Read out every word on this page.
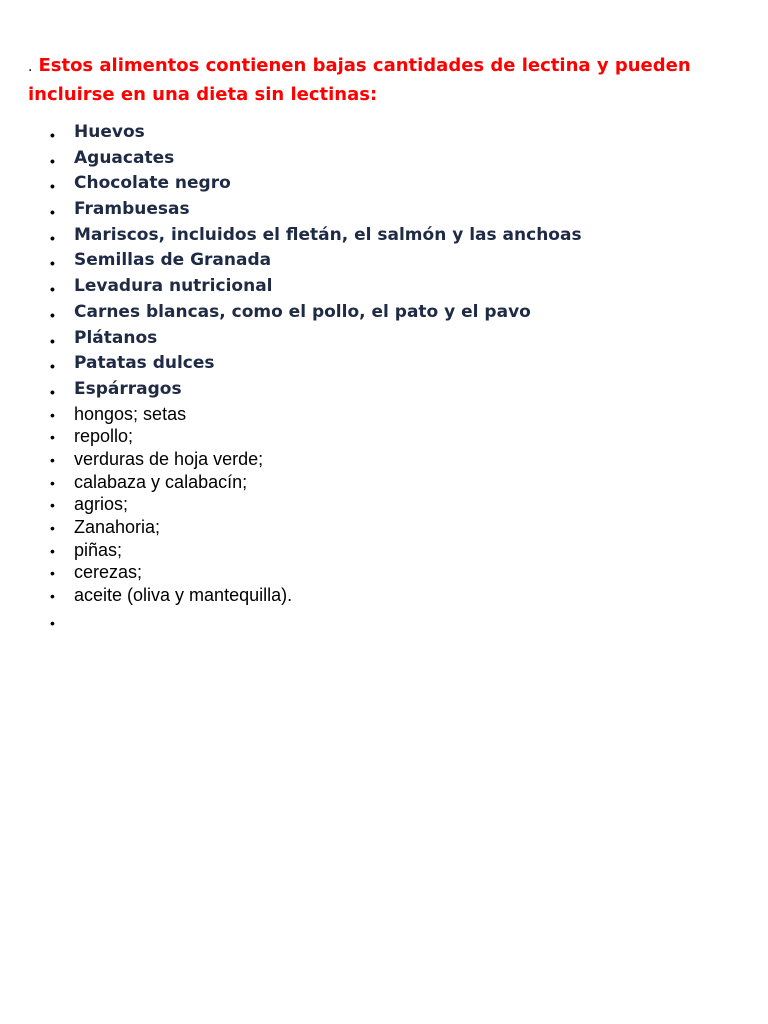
. Estos alimentos contienen bajas cantidades de lectina y pueden incluirse en una dieta sin lectinas:
• Huevos
• Aguacates
• Chocolate negro
• Frambuesas
• Mariscos, incluidos el fletán, el salmón y las anchoas
• Semillas de Granada
• Levadura nutricional
• Carnes blancas, como el pollo, el pato y el pavo
• Plátanos
• Patatas dulces
• Espárragos
• hongos; setas
• repollo;
• verduras de hoja verde;
• calabaza y calabacín;
• agrios;
• Zanahoria;
• piñas;
• cerezas;
• aceite (oliva y mantequilla).
•
